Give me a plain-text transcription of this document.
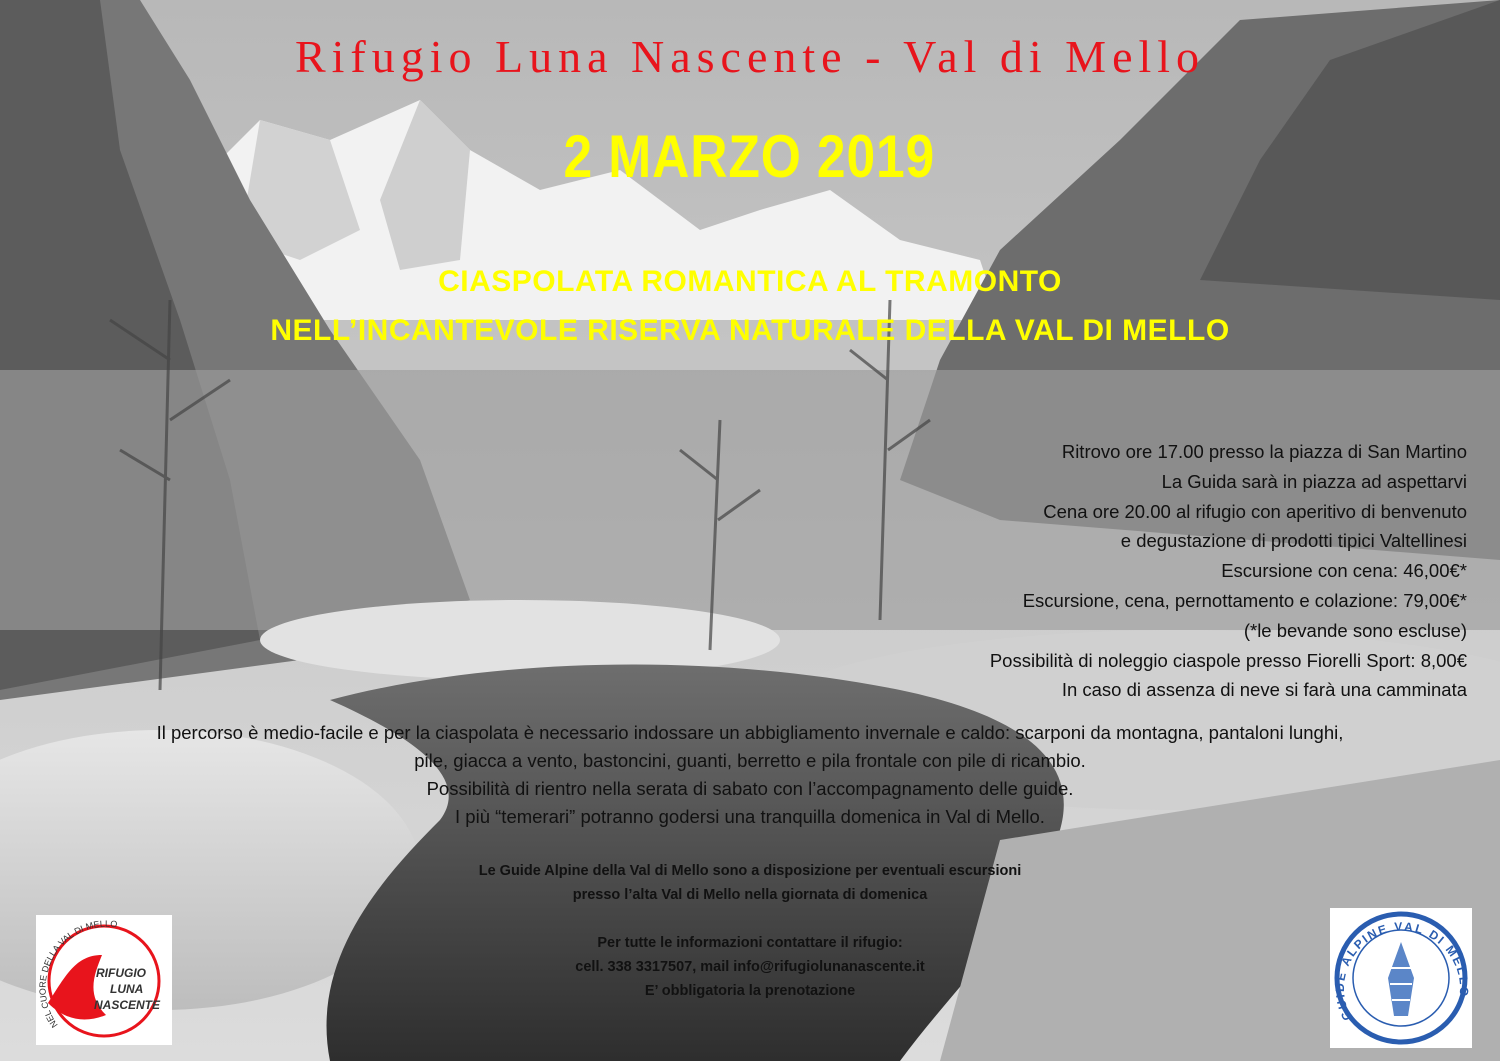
Rifugio Luna Nascente - Val di Mello
2 MARZO 2019
CIASPOLATA ROMANTICA AL TRAMONTO
NELL’INCANTEVOLE RISERVA NATURALE DELLA VAL DI MELLO
Ritrovo ore 17.00 presso la piazza di San Martino
La Guida sarà in piazza ad aspettarvi
Cena ore 20.00 al rifugio con aperitivo di benvenuto
e degustazione di prodotti tipici Valtellinesi
Escursione con cena: 46,00€*
Escursione, cena, pernottamento e colazione: 79,00€*
(*le bevande sono escluse)
Possibilità di noleggio ciaspole presso Fiorelli Sport: 8,00€
In caso di assenza di neve si farà una camminata
Il percorso è medio-facile e per la ciaspolata è necessario indossare un abbigliamento invernale e caldo: scarponi da montagna, pantaloni lunghi,
pile, giacca a vento, bastoncini, guanti, berretto e pila frontale con pile di ricambio.
Possibilità di rientro nella serata di sabato con l’accompagnamento delle guide.
I più “temerari” potranno godersi una tranquilla domenica in Val di Mello.
Le Guide Alpine della Val di Mello sono a disposizione per eventuali escursioni
presso l’alta Val di Mello nella giornata di domenica
Per tutte le informazioni contattare il rifugio:
cell. 338 3317507, mail info@rifugiolunanascente.it
E’ obbligatoria la prenotazione
NEL CUORE DELLA VAL DI MELLO
RIFUGIO
LUNA
NASCENTE
GUIDE ALPINE VAL DI MELLO
